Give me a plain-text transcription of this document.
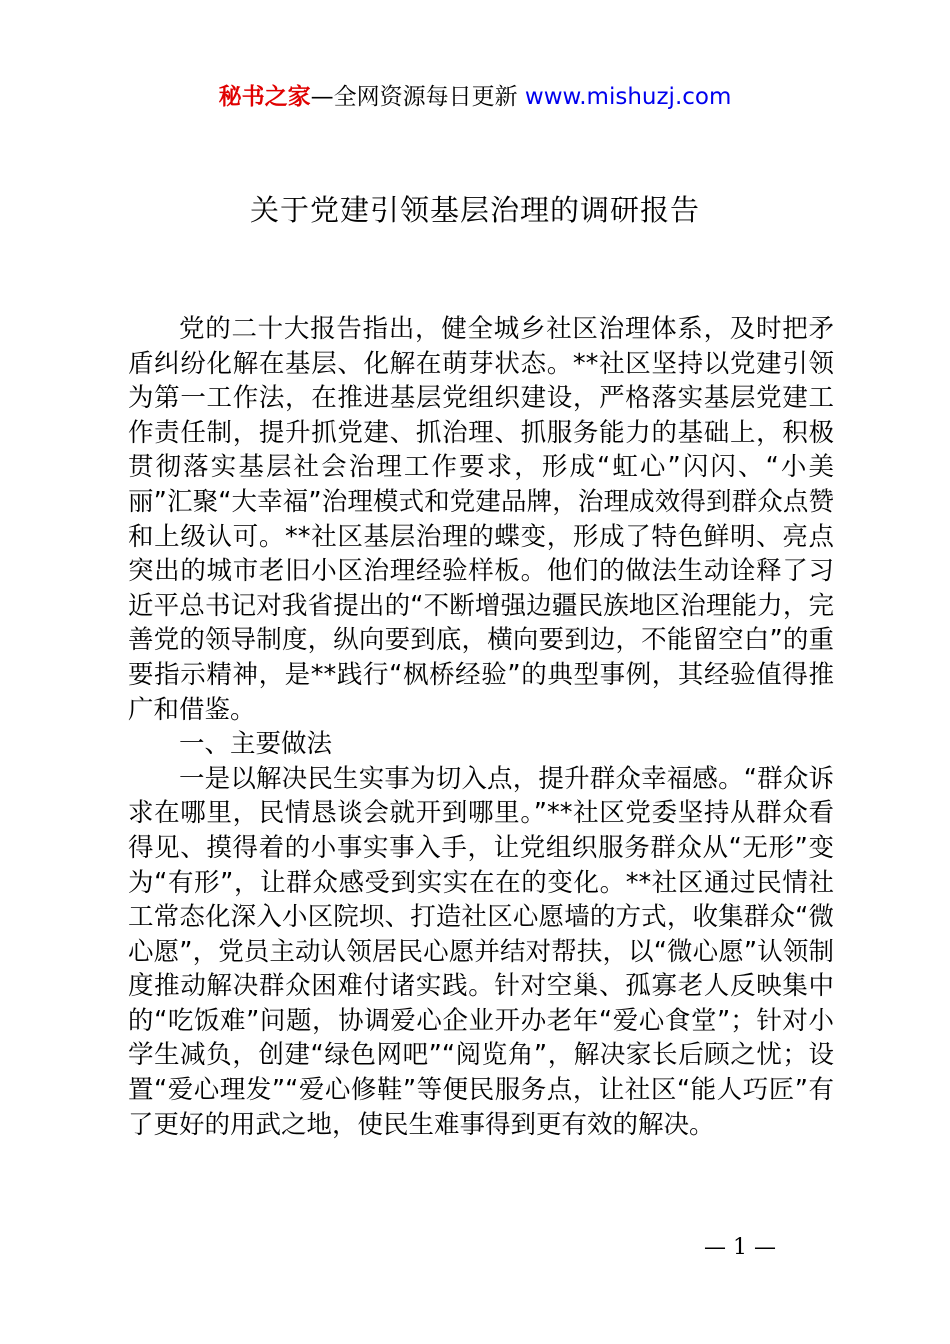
秘书之家—全网资源每日更新 www.mishuzj.com
关于党建引领基层治理的调研报告

党的二十大报告指出，健全城乡社区治理体系，及时把矛盾纠纷化解在基层、化解在萌芽状态。**社区坚持以党建引领为第一工作法，在推进基层党组织建设，严格落实基层党建工作责任制，提升抓党建、抓治理、抓服务能力的基础上，积极贯彻落实基层社会治理工作要求，形成“虹心”闪闪、“小美丽”汇聚“大幸福”治理模式和党建品牌，治理成效得到群众点赞和上级认可。**社区基层治理的蝶变，形成了特色鲜明、亮点突出的城市老旧小区治理经验样板。他们的做法生动诠释了习近平总书记对我省提出的“不断增强边疆民族地区治理能力，完善党的领导制度，纵向要到底，横向要到边，不能留空白”的重要指示精神，是**践行“枫桥经验”的典型事例，其经验值得推广和借鉴。

一、主要做法

一是以解决民生实事为切入点，提升群众幸福感。“群众诉求在哪里，民情恳谈会就开到哪里。”**社区党委坚持从群众看得见、摸得着的小事实事入手，让党组织服务群众从“无形”变为“有形”，让群众感受到实实在在的变化。**社区通过民情社工常态化深入小区院坝、打造社区心愿墙的方式，收集群众“微心愿”，党员主动认领居民心愿并结对帮扶，以“微心愿”认领制度推动解决群众困难付诸实践。针对空巢、孤寡老人反映集中的“吃饭难”问题，协调爱心企业开办老年“爱心食堂”；针对小学生减负，创建“绿色网吧”“阅览角”，解决家长后顾之忧；设置“爱心理发”“爱心修鞋”等便民服务点，让社区“能人巧匠”有了更好的用武之地，使民生难事得到更有效的解决。

— 1 —
